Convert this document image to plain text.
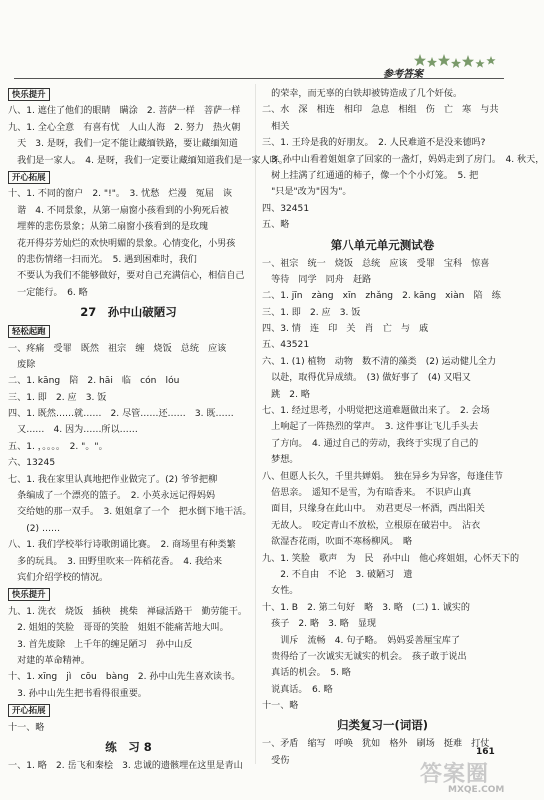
参考答案
快乐提升
八、1. 遮住了他们的眼睛　瞒涂　2. 菩萨一样　菩萨一样
九、1. 全心全意　有喜有忧　人山人海　2. 努力　热火朝
　天　3. 是呀，我们一定不能让藏缅铁路，要让藏缅知道
　我们是一家人。　4. 是呀，我们一定要让藏缅知道我们是一家人呀。
开心拓展
十、1. 不同的窗户　2. "!"。　3. 忧愁　烂漫　冤屈　诙
　谐　4. 不同景象，从第一扇窗小孩看到的小狗死后被
　埋葬的悲伤景象；从第二扇窗小孩看到的是玫瑰
　花开得芬芳灿烂的欢快明媚的景象。心情变化，小男孩
　的悲伤情绪一扫而光。　5. 遇到困难时，我们
　不要认为我们不能够做好，要对自己充满信心，相信自己
　一定能行。　6. 略
27　孙中山破陋习
轻松起跑
一、疼痛　受罪　既然　祖宗　缠　烧饭　总统　应该
　废除
二、1. kāng　陪　2. hāi　临　cón　lóu
三、1. 即　2. 应　3. 饭
四、1. 既然……就……　2. 尽管……还……　3. 既……
　又……　4. 因为……所以……
五、1. ，。。。。　2. "。"。
六、13245
七、1. 我在家里认真地把作业做完了。(2) 爷爷把柳
　条编成了一个漂亮的篮子。　2. 小英永远记得妈妈
　交给她的那一双手。　3. 姐姐拿了一个　把水倒下地干活。
　　(2) ……
八、1. 我们学校举行诗歌朗诵比赛。　2. 商场里有种类繁
　多的玩具。　3. 田野里吹来一阵稻花香。　4. 我给来
　宾们介绍学校的情况。
快乐提升
九、1. 洗衣　烧饭　插秧　挑柴　禅碌活路干　勤劳能干。
　2. 姐姐的笑脸　哥哥的笑脸　姐姐不能痛苦地大叫。
　3. 首先废除　上千年的缠足陋习　孙中山反
　对建的革命精神。
十、1. xīng　jì　cōu　bàng　2. 孙中山先生喜欢读书。
　3. 孙中山先生把书看得很重要。
开心拓展
十一、略
练　习 8
一、1. 略　2. 岳飞和秦桧　3. 忠诚的遗骸埋在这里是青山
　的荣幸，而无辜的白铁却被铸造成了几个奸佞。
二、水　深　相连　相印　急息　相组　伤　亡　寒　与共
　相关
三、1. 王玲是我的好朋友。　2. 人民难道不是没来德吗?
　3. 孙中山看着姐姐拿了回家的一盏灯，妈妈走到了房门。　4. 秋天，
　树上挂满了红通通的柿子，像一个个小灯笼。　5. 把
　"只是"改为"因为"。
四、32451
五、略
第八单元单元测试卷
一、祖宗　统一　烧饭　总统　应该　受罪　宝科　惊喜
　等待　同学　同舟　赶路
二、1. jīn　zàng　xīn　zhǎng　2. kāng　xiàn　陪　练
三、1. 即　2. 应　3. 饭
四、3. 情　连　印　关　肖　亡　与　戚
五、43521
六、1. (1) 植物　动物　数不清的藻类　(2) 运动健儿全力
　以赴，取得优异成绩。　(3) 做好事了　(4) 又唱又
　跳　2. 略
七、1. 经过思考，小明觉把这道难题做出来了。　2. 会场
　上响起了一阵热烈的掌声。　3. 这件事让飞儿手头去
　了方向。　4. 通过自己的劳动，我终于实现了自己的
　梦想。
八、但愿人长久，千里共婵娟。　独在异乡为异客，每逢佳节
　倍思亲。　遥知不是雪，为有暗香来。　不识庐山真
　面目，只缘身在此山中。　劝君更尽一杯酒，西出阳关
　无故人。　咬定青山不放松，立根原在破岩中。　沾衣
　欲湿杏花雨，吹面不寒杨柳风。　略
九、1. 笑脸　歌声　为　民　孙中山　他心疼姐姐，心怀天下的
　　2. 不自由　不论　3. 破陋习　遗
　女性。
十、1. B　2. 第二句好　略　3. 略　(二) 1. 诚实的
　孩子　2. 略　3. 略　显现
　　训斥　流畅　4. 句子略。　妈妈妥善厘宝库了
　贵得给了一次诚实无诚实的机会。　孩子敢于说出
　真话的机会。　5. 略
　说真话。　6. 略
十一、略
归类复习一(词语)
一、矛盾　缩写　呼唤　犹如　格外　刷场　挺难　打仗
　受伤
161
答案圈
MXQE.COM
